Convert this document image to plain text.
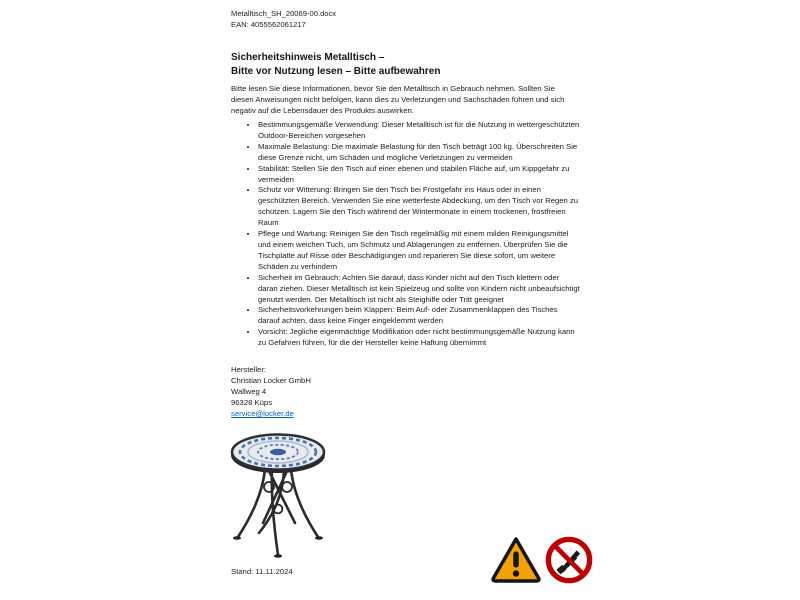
Metalltisch_SH_20069-00.docx
EAN: 4055562061217
Sicherheitshinweis Metalltisch –
Bitte vor Nutzung lesen – Bitte aufbewahren
Bitte lesen Sie diese Informationen, bevor Sie den Metalltisch in Gebrauch nehmen. Sollten Sie diesen Anweisungen nicht befolgen, kann dies zu Verletzungen und Sachschäden führen und sich negativ auf die Lebensdauer des Produkts auswirken.
• Bestimmungsgemäße Verwendung: Dieser Metalltisch ist für die Nutzung in wettergeschützten Outdoor-Bereichen vorgesehen
• Maximale Belastung: Die maximale Belastung für den Tisch beträgt 100 kg. Überschreiten Sie diese Grenze nicht, um Schäden und mögliche Verletzungen zu vermeiden
• Stabilität: Stellen Sie den Tisch auf einer ebenen und stabilen Fläche auf, um Kippgefahr zu vermeiden
• Schutz vor Witterung: Bringen Sie den Tisch bei Frostgefahr ins Haus oder in einen geschützten Bereich. Verwenden Sie eine wetterfeste Abdeckung, um den Tisch vor Regen zu schützen. Lagern Sie den Tisch während der Wintermonate in einem trockenen, frostfreien Raum
• Pflege und Wartung: Reinigen Sie den Tisch regelmäßig mit einem milden Reinigungsmittel und einem weichen Tuch, um Schmutz und Ablagerungen zu entfernen. Überprüfen Sie die Tischplatte auf Risse oder Beschädigungen und reparieren Sie diese sofort, um weitere Schäden zu verhindern
• Sicherheit im Gebrauch: Achten Sie darauf, dass Kinder nicht auf den Tisch klettern oder daran ziehen. Dieser Metalltisch ist kein Spielzeug und sollte von Kindern nicht unbeaufsichtigt genutzt werden. Der Metalltisch ist nicht als Steighilfe oder Tritt geeignet
• Sicherheitsvorkehrungen beim Klappen: Beim Auf- oder Zusammenklappen des Tisches darauf achten, dass keine Finger eingeklemmt werden
• Vorsicht: Jegliche eigenmächtige Modifikation oder nicht bestimmungsgemäße Nutzung kann zu Gefahren führen, für die der Hersteller keine Haftung übernimmt
Hersteller:
Christian Locker GmbH
Wallweg 4
96328 Küps
service@locker.de
Stand: 11.11.2024
